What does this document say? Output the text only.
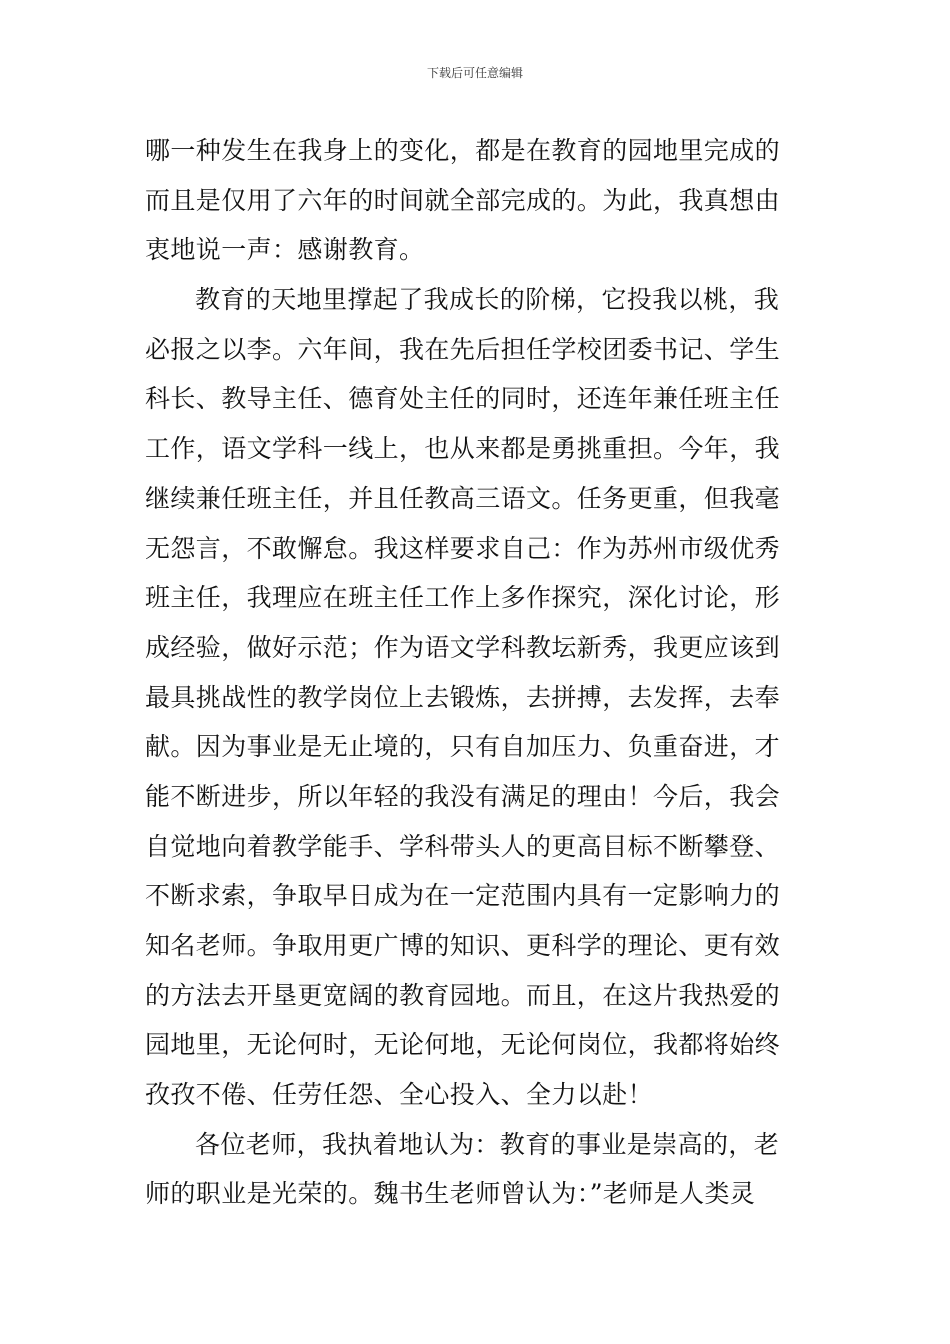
下载后可任意编辑
哪一种发生在我身上的变化，都是在教育的园地里完成的
而且是仅用了六年的时间就全部完成的。为此，我真想由
衷地说一声：感谢教育。
教育的天地里撑起了我成长的阶梯，它投我以桃，我
必报之以李。六年间，我在先后担任学校团委书记、学生
科长、教导主任、德育处主任的同时，还连年兼任班主任
工作，语文学科一线上，也从来都是勇挑重担。今年，我
继续兼任班主任，并且任教高三语文。任务更重，但我毫
无怨言，不敢懈怠。我这样要求自己：作为苏州市级优秀
班主任，我理应在班主任工作上多作探究，深化讨论，形
成经验，做好示范；作为语文学科教坛新秀，我更应该到
最具挑战性的教学岗位上去锻炼，去拼搏，去发挥，去奉
献。因为事业是无止境的，只有自加压力、负重奋进，才
能不断进步，所以年轻的我没有满足的理由！今后，我会
自觉地向着教学能手、学科带头人的更高目标不断攀登、
不断求索，争取早日成为在一定范围内具有一定影响力的
知名老师。争取用更广博的知识、更科学的理论、更有效
的方法去开垦更宽阔的教育园地。而且，在这片我热爱的
园地里，无论何时，无论何地，无论何岗位，我都将始终
孜孜不倦、任劳任怨、全心投入、全力以赴！
各位老师，我执着地认为：教育的事业是崇高的，老
师的职业是光荣的。魏书生老师曾认为：”老师是人类灵
